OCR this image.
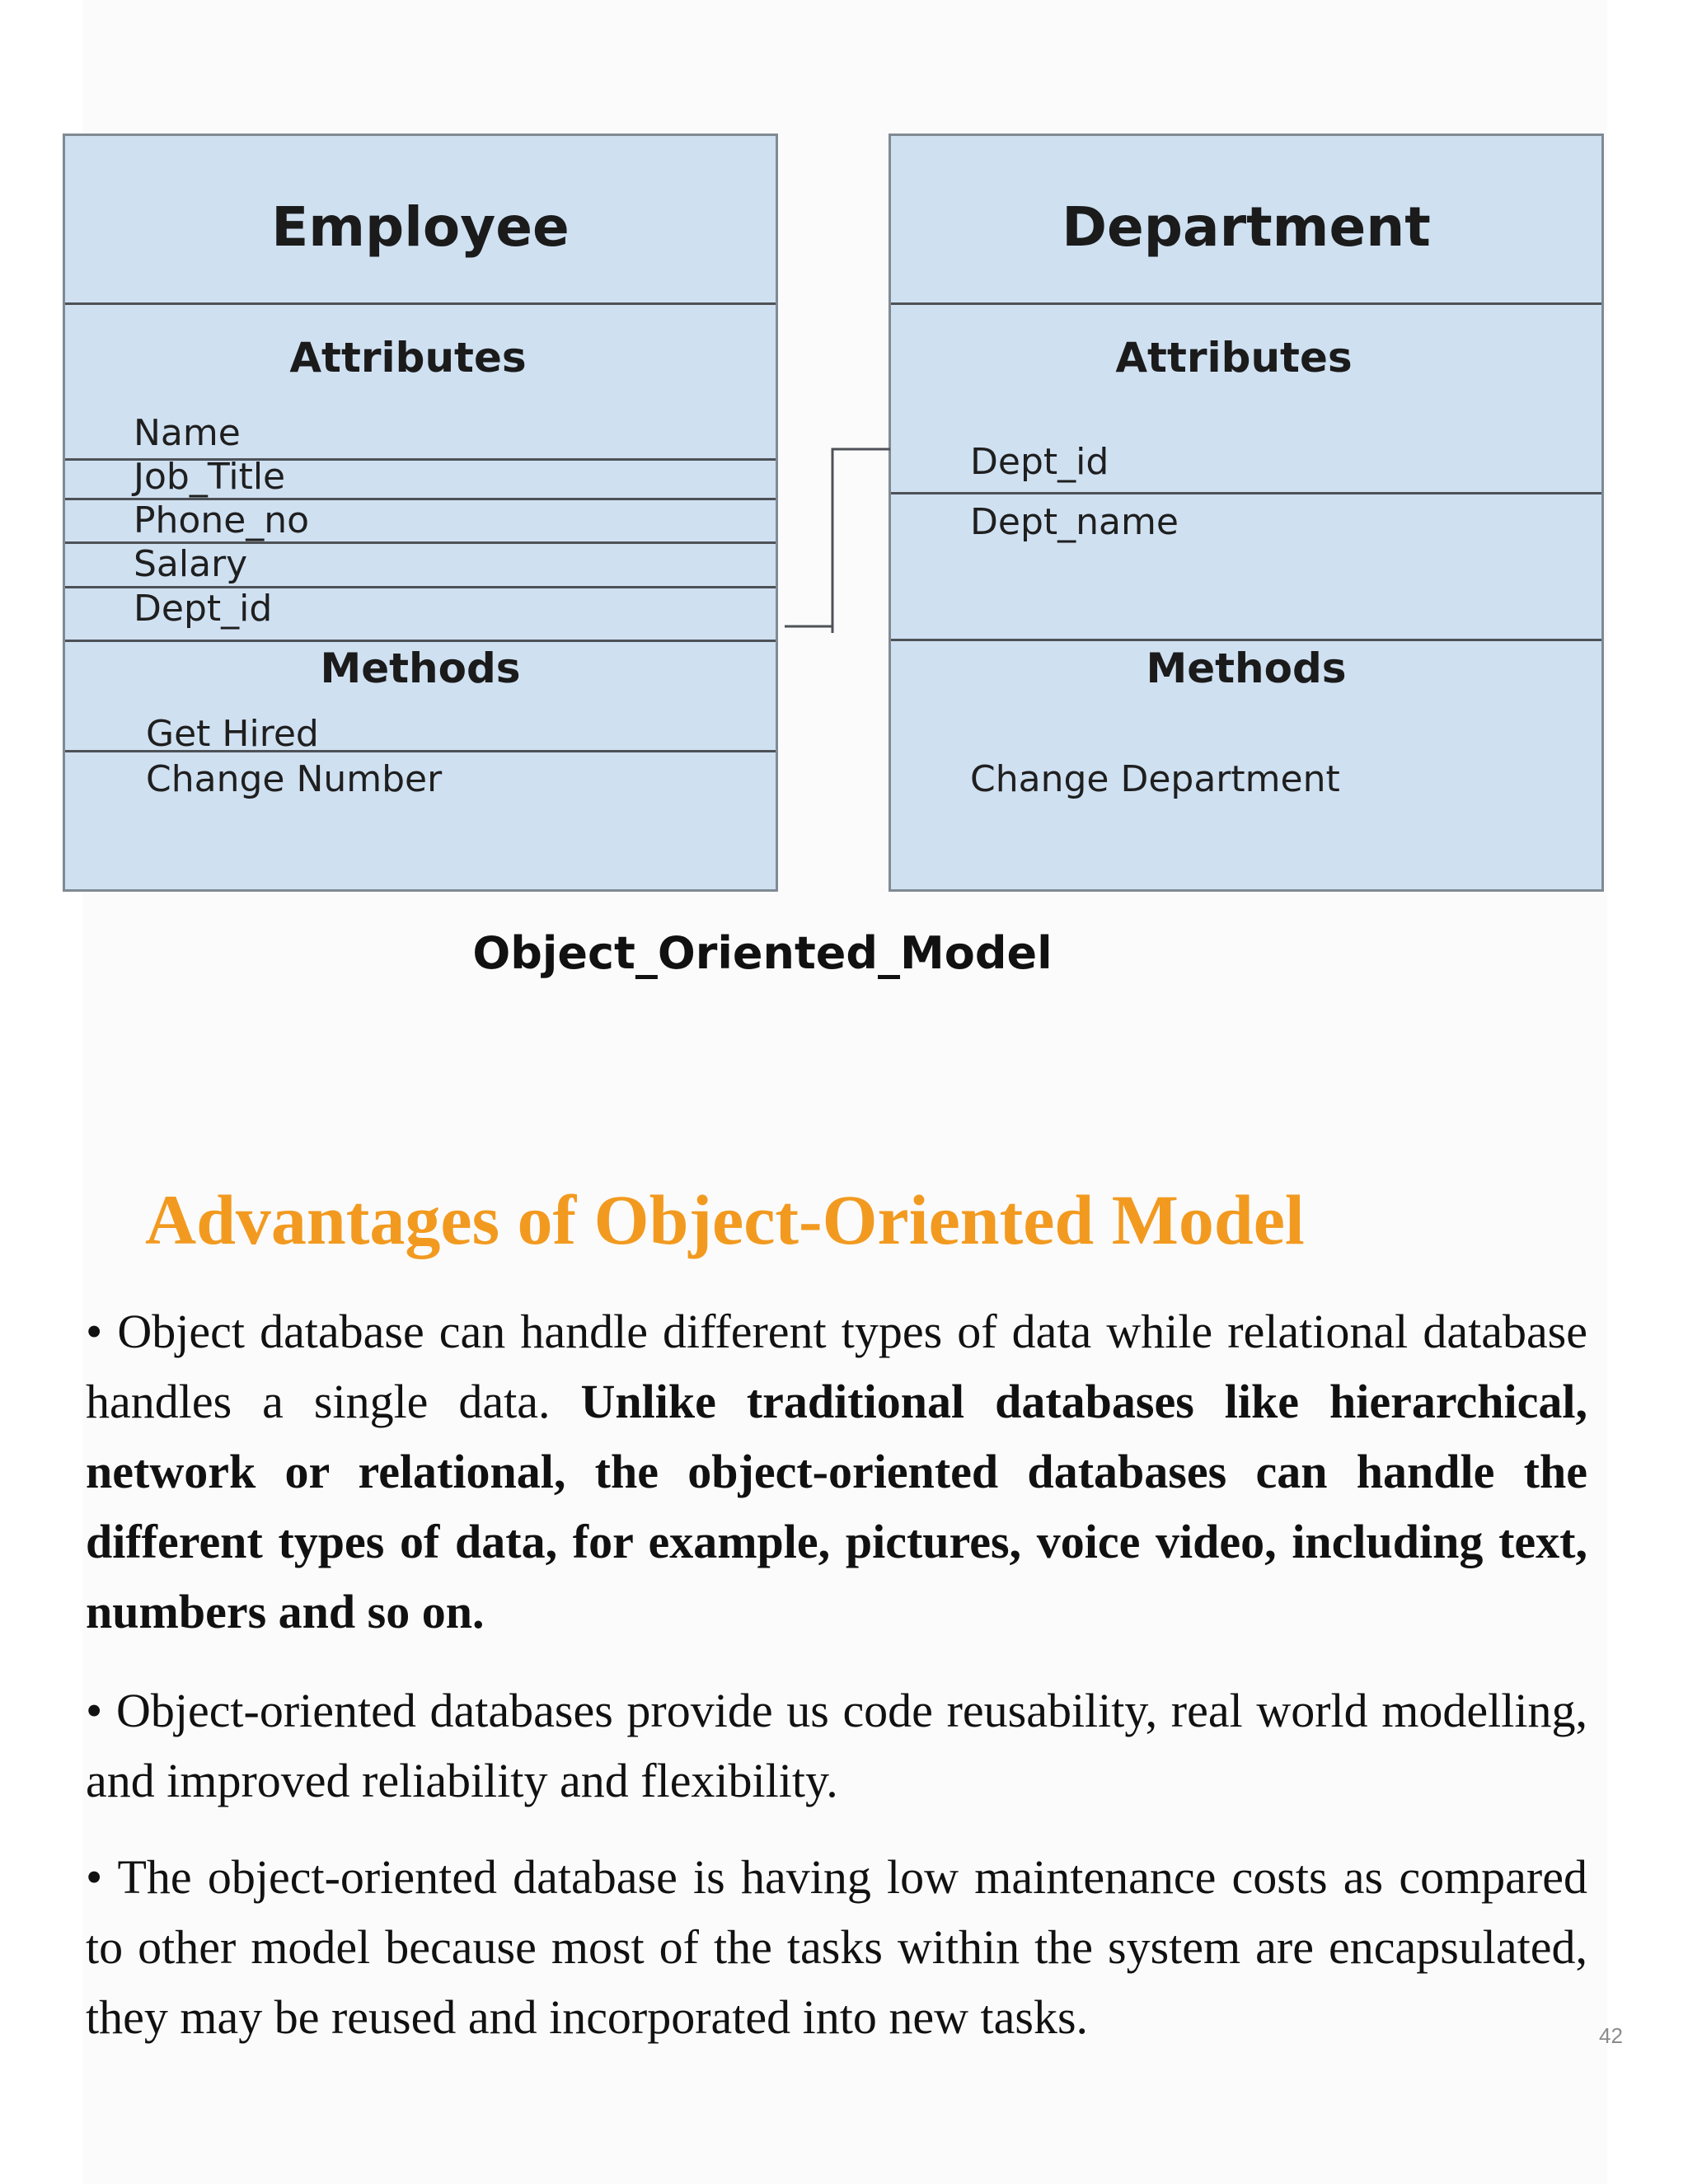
Employee
Attributes
Name
Job_Title
Phone_no
Salary
Dept_id
Methods
Get Hired
Change Number
Department
Attributes
Dept_id
Dept_name
Methods
Change Department
Object_Oriented_Model
Advantages of Object-Oriented Model

• Object database can handle different types of data while relational database handles a single data. Unlike traditional databases like hierarchical, network or relational, the object-oriented databases can handle the different types of data, for example, pictures, voice video, including text, numbers and so on.

• Object-oriented databases provide us code reusability, real world modelling, and improved reliability and flexibility.

• The object-oriented database is having low maintenance costs as compared to other model because most of the tasks within the system are encapsulated, they may be reused and incorporated into new tasks.	42
